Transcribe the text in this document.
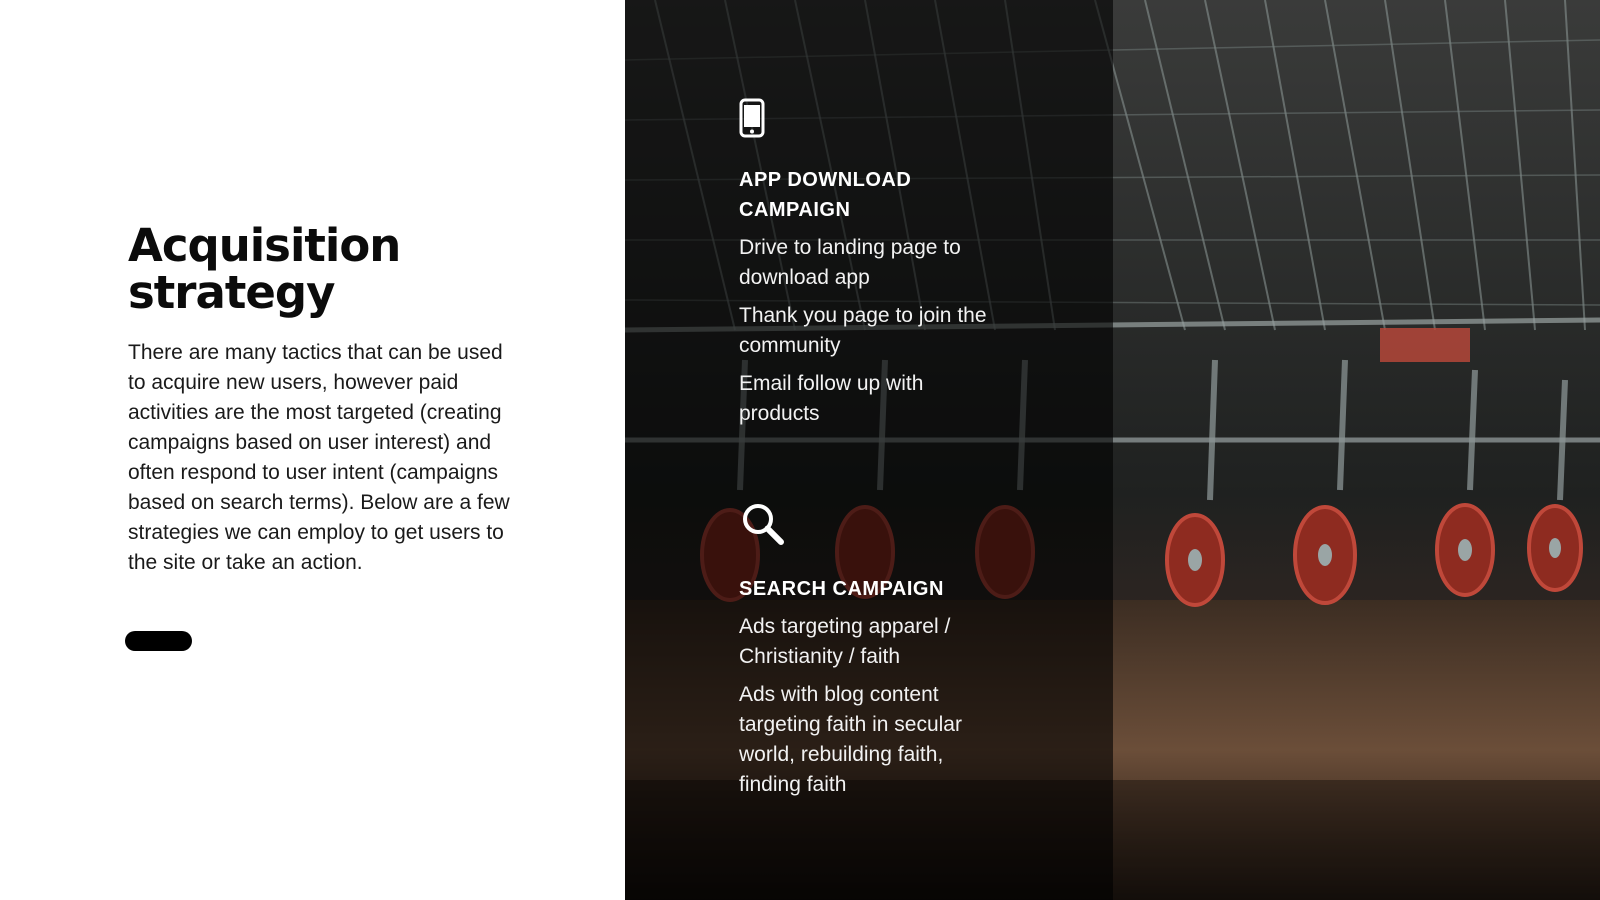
Acquisition strategy

There are many tactics that can be used to acquire new users, however paid activities are the most targeted (creating campaigns based on user interest) and often respond to user intent (campaigns based on search terms). Below are a few strategies we can employ to get users to the site or take an action.

APP DOWNLOAD CAMPAIGN

Drive to landing page to download app

Thank you page to join the community

Email follow up with products

SEARCH CAMPAIGN

Ads targeting apparel / Christianity / faith

Ads with blog content targeting faith in secular world, rebuilding faith, finding faith
